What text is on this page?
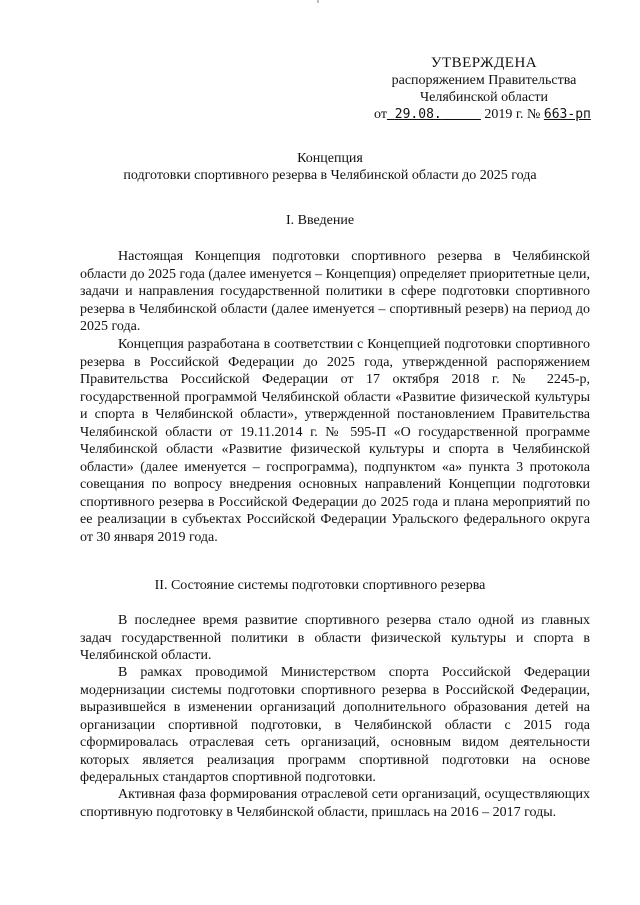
УТВЕРЖДЕНА
распоряжением Правительства
Челябинской области
от 29.08.	2019 г. № 663-рп
Концепция
подготовки спортивного резерва в Челябинской области до 2025 года
I. Введение

Настоящая Концепция подготовки спортивного резерва в Челябинской области до 2025 года (далее именуется – Концепция) определяет приоритетные цели, задачи и направления государственной политики в сфере подготовки спортивного резерва в Челябинской области (далее именуется – спортивный резерв) на период до 2025 года.

Концепция разработана в соответствии с Концепцией подготовки спортивного резерва в Российской Федерации до 2025 года, утвержденной распоряжением Правительства Российской Федерации от 17 октября 2018 г. № 2245-р, государственной программой Челябинской области «Развитие физической культуры и спорта в Челябинской области», утвержденной постановлением Правительства Челябинской области от 19.11.2014 г. № 595-П «О государственной программе Челябинской области «Развитие физической культуры и спорта в Челябинской области» (далее именуется – госпрограмма), подпунктом «а» пункта 3 протокола совещания по вопросу внедрения основных направлений Концепции подготовки спортивного резерва в Российской Федерации до 2025 года и плана мероприятий по ее реализации в субъектах Российской Федерации Уральского федерального округа от 30 января 2019 года.

II. Состояние системы подготовки спортивного резерва

В последнее время развитие спортивного резерва стало одной из главных задач государственной политики в области физической культуры и спорта в Челябинской области.

В рамках проводимой Министерством спорта Российской Федерации модернизации системы подготовки спортивного резерва в Российской Федерации, выразившейся в изменении организаций дополнительного образования детей на организации спортивной подготовки, в Челябинской области с 2015 года сформировалась отраслевая сеть организаций, основным видом деятельности которых является реализация программ спортивной подготовки на основе федеральных стандартов спортивной подготовки.

Активная фаза формирования отраслевой сети организаций, осуществляющих спортивную подготовку в Челябинской области, пришлась на 2016 – 2017 годы.
